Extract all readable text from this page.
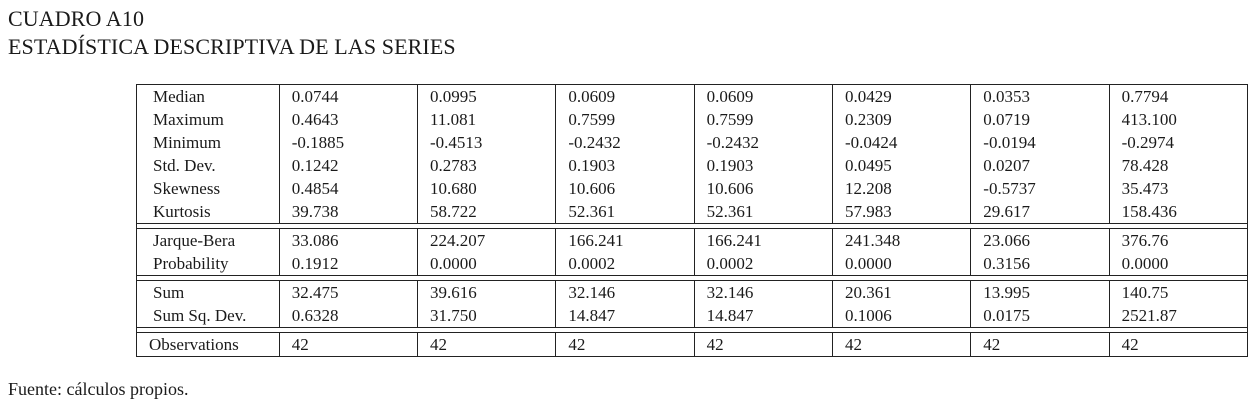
CUADRO A10
ESTADÍSTICA DESCRIPTIVA DE LAS SERIES
Median	0.0744	0.0995	0.0609	0.0609	0.0429	0.0353	0.7794
Maximum	0.4643	11.081	0.7599	0.7599	0.2309	0.0719	413.100
Minimum	-0.1885	-0.4513	-0.2432	-0.2432	-0.0424	-0.0194	-0.2974
Std. Dev.	0.1242	0.2783	0.1903	0.1903	0.0495	0.0207	78.428
Skewness	0.4854	10.680	10.606	10.606	12.208	-0.5737	35.473
Kurtosis	39.738	58.722	52.361	52.361	57.983	29.617	158.436

Jarque-Bera	33.086	224.207	166.241	166.241	241.348	23.066	376.76
Probability	0.1912	0.0000	0.0002	0.0002	0.0000	0.3156	0.0000

Sum	32.475	39.616	32.146	32.146	20.361	13.995	140.75
Sum Sq. Dev.	0.6328	31.750	14.847	14.847	0.1006	0.0175	2521.87

Observations	42	42	42	42	42	42	42
Fuente: cálculos propios.
